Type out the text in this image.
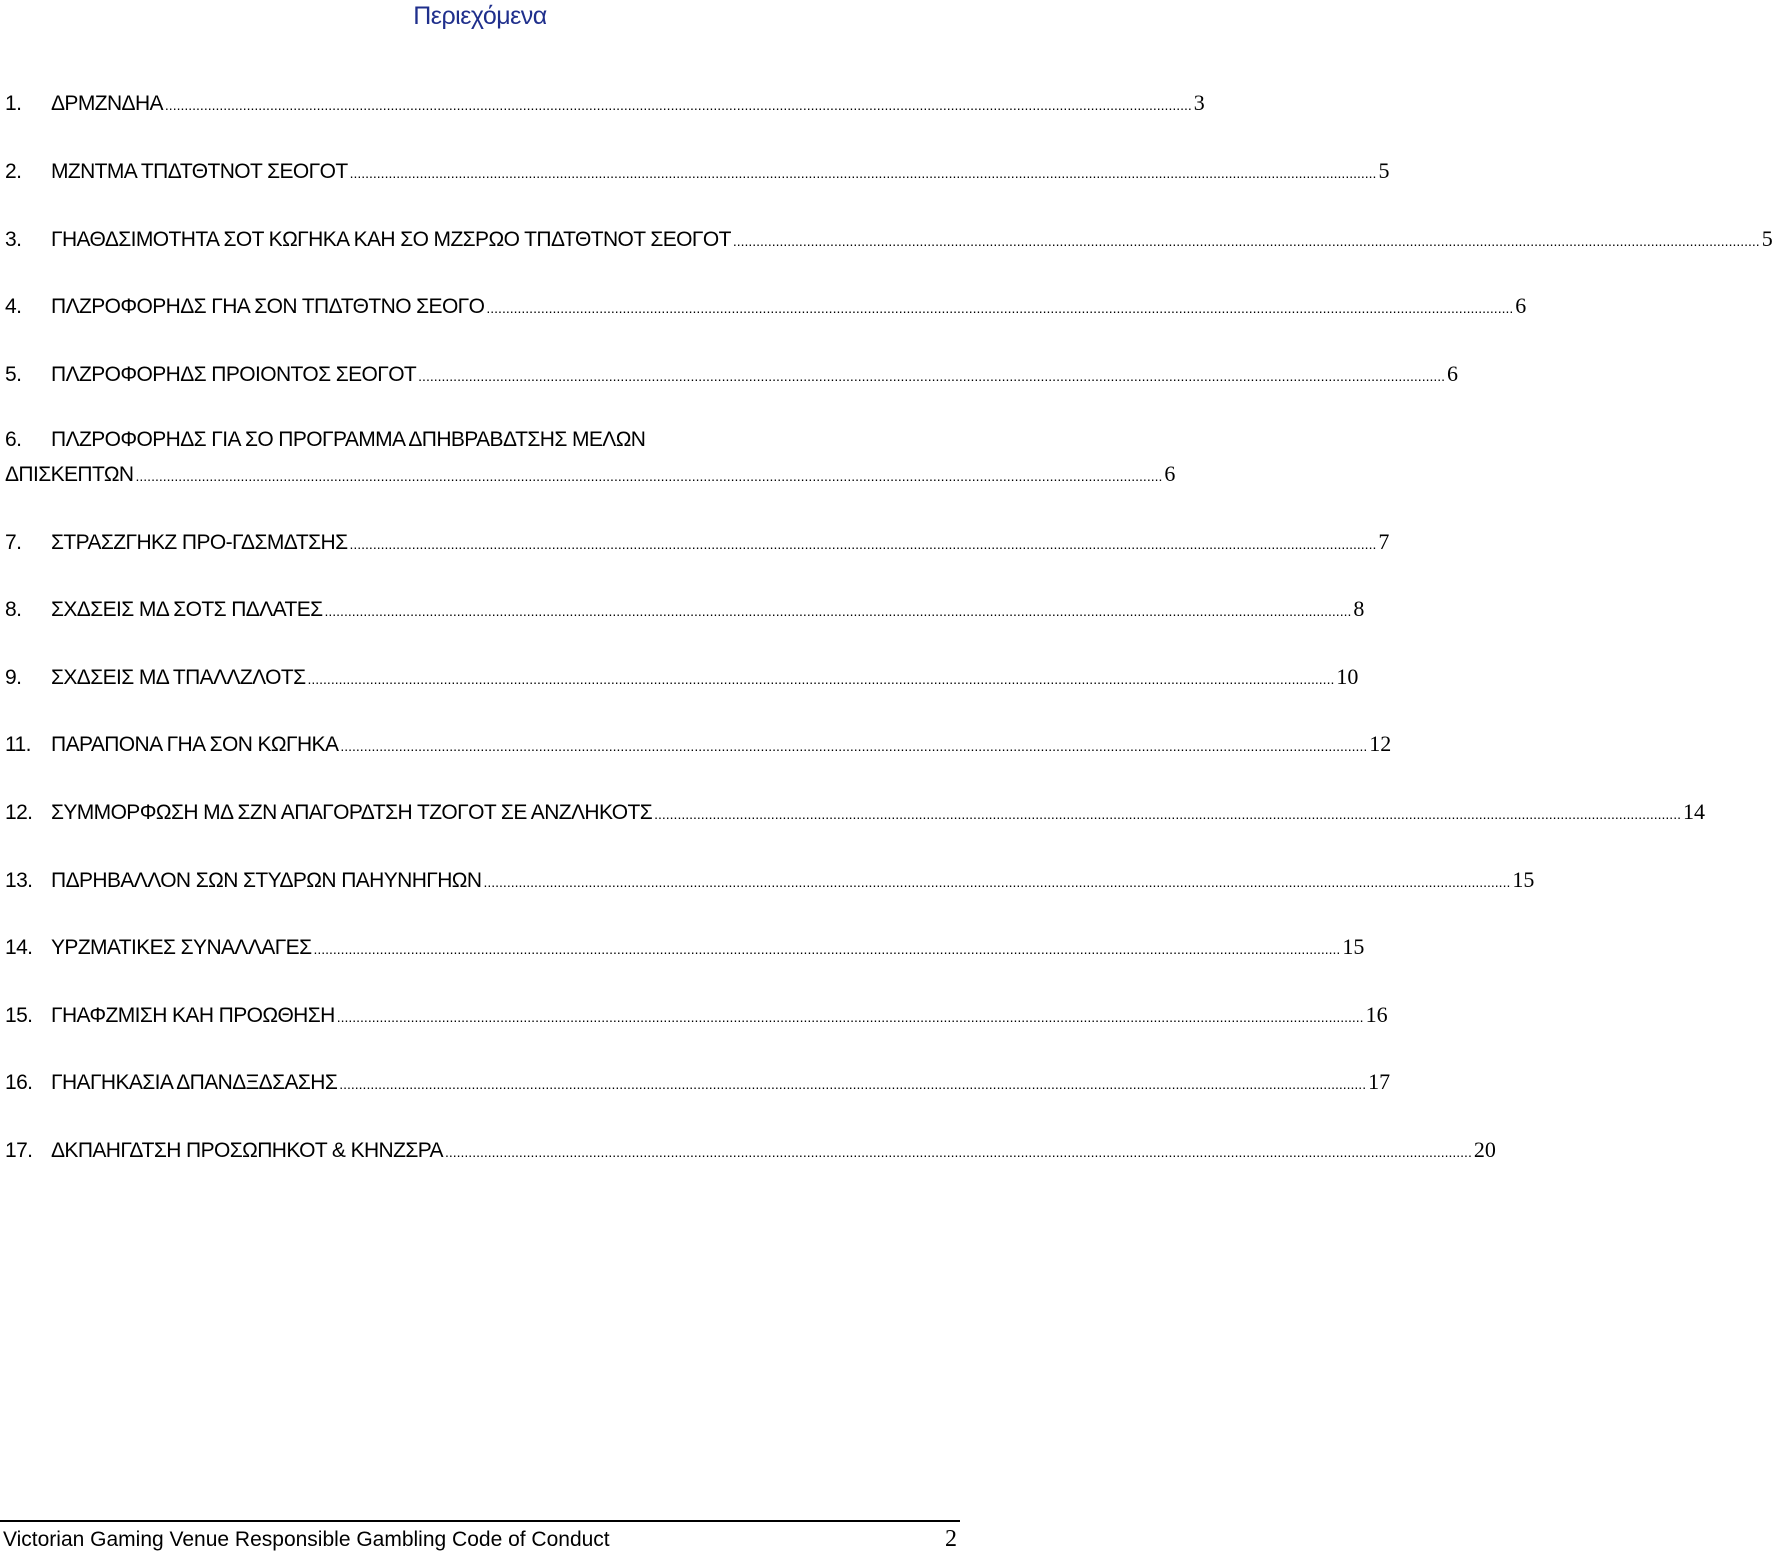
Περιεχόμενα
1.	ΔΡΜΖΝΔΗΑ .....	3
2.	ΜΖΝΤΜΑ ΤΠΔΤΘΤΝΟΤ ΣΕΟΓΟΤ .....	5
3.	ΓΗΑΘΔΣΙΜΟΤΗΤΑ ΣΟΤ ΚΩΓΗΚΑ ΚΑΗ ΣΟ ΜΖΣΡΩΟ ΤΠΔΤΘΤΝΟΤ ΣΕΟΓΟΤ .....	5
4.	ΠΛΖΡΟΦΟΡΗΔΣ ΓΗΑ ΣΟΝ ΤΠΔΤΘΤΝΟ ΣΕΟΓΟ .....	6
5.	ΠΛΖΡΟΦΟΡΗΔΣ ΠΡΟΙΟΝΤΟΣ ΣΕΟΓΟΤ .....	6
6.	ΠΛΖΡΟΦΟΡΗΔΣ ΓΙΑ ΣΟ ΠΡΟΓΡΑΜΜΑ ΔΠΗΒΡΑΒΔΤΣΗΣ ΜΕΛΩΝ
ΔΠΙΣΚΕΠΤΩΝ .....	6
7.	ΣΤΡΑΣΖΓΗΚΖ ΠΡΟ-ΓΔΣΜΔΤΣΗΣ .....	7
8.	ΣΧΔΣΕΙΣ ΜΔ ΣΟΤΣ ΠΔΛΑΤΕΣ .....	8
9.	ΣΧΔΣΕΙΣ ΜΔ ΤΠΑΛΛΖΛΟΤΣ .....	10
11. ΠΑΡΑΠΟΝΑ ΓΗΑ ΣΟΝ ΚΩΓΗΚΑ .....	12
12. ΣΥΜΜΟΡΦΩΣΗ ΜΔ ΣΖΝ ΑΠΑΓΟΡΔΤΣΗ ΤΖΟΓΟΤ ΣΕ ΑΝΖΛΗΚΟΤΣ .....	14
13. ΠΔΡΗΒΑΛΛΟΝ ΣΩΝ ΣΤΥΔΡΩΝ ΠΑΗΥΝΗΓΗΩΝ .....	15
14. ΥΡΖΜΑΤΙΚΕΣ ΣΥΝΑΛΛΑΓΕΣ .....	15
15. ΓΗΑΦΖΜΙΣΗ ΚΑΗ ΠΡΟΩΘΗΣΗ .....	16
16. ΓΗΑΓΗΚΑΣΙΑ ΔΠΑΝΔΞΔΣΑΣΗΣ .....	17
17. ΔΚΠΑΗΓΔΤΣΗ ΠΡΟΣΩΠΗΚΟΤ & ΚΗΝΖΣΡΑ .....	20
Victorian Gaming Venue Responsible Gambling Code of Conduct	2
